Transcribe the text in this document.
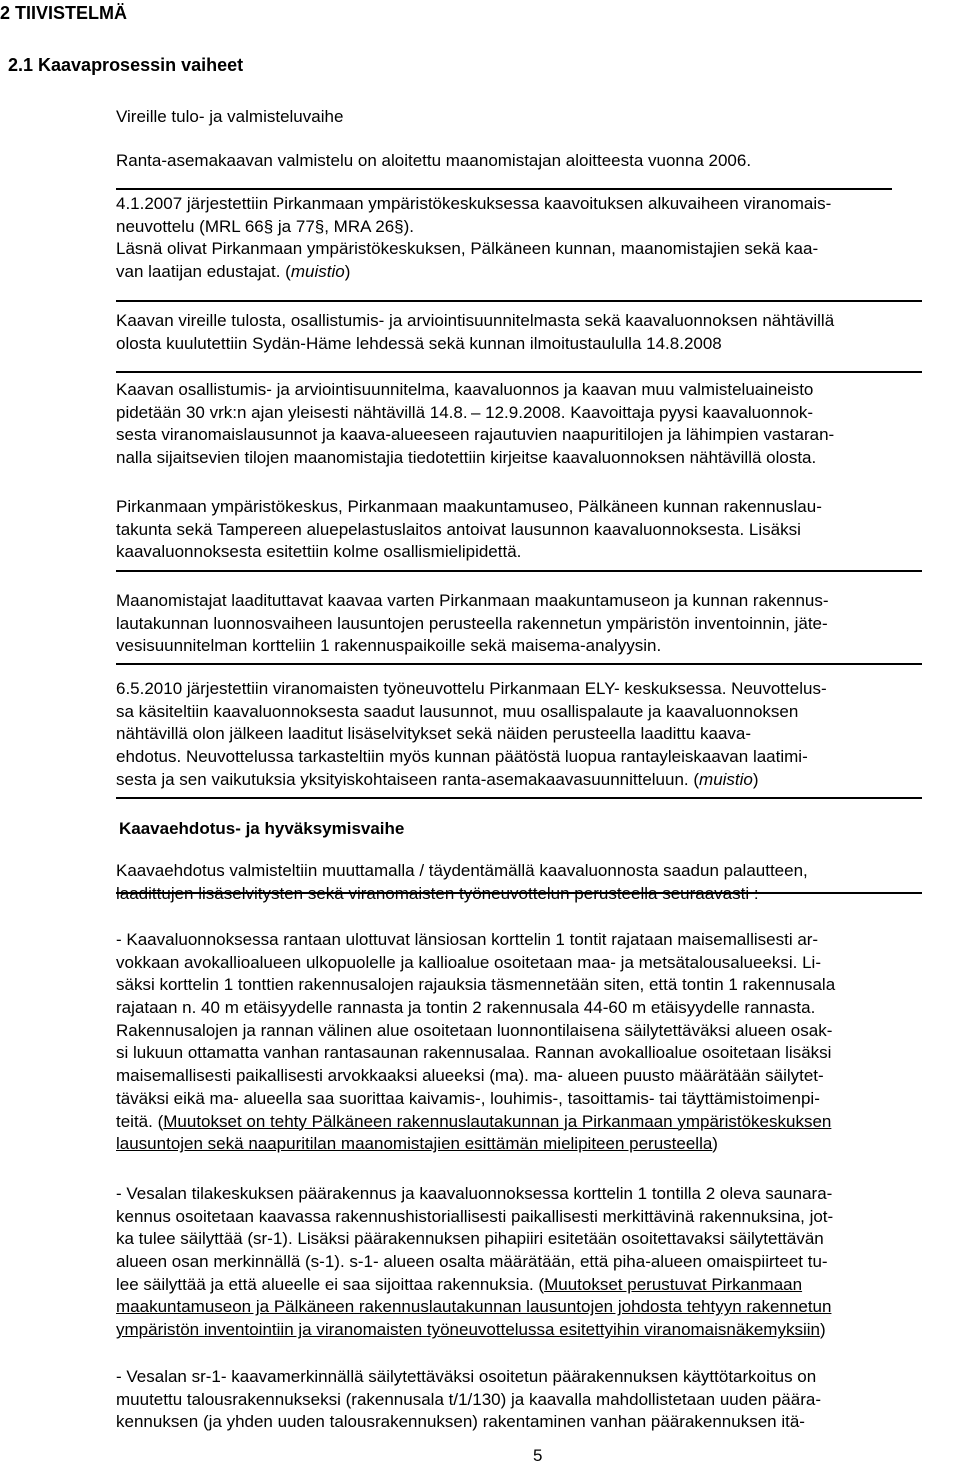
2 TIIVISTELMÄ
2.1 Kaavaprosessin vaiheet
Vireille tulo- ja valmisteluvaihe
Ranta-asemakaavan valmistelu on aloitettu maanomistajan aloitteesta vuonna 2006.
4.1.2007 järjestettiin Pirkanmaan ympäristökeskuksessa kaavoituksen alkuvaiheen viranomais-
neuvottelu (MRL 66§ ja 77§, MRA 26§).
Läsnä olivat Pirkanmaan ympäristökeskuksen, Pälkäneen kunnan, maanomistajien sekä kaa-
van laatijan edustajat. (muistio)
Kaavan vireille tulosta, osallistumis- ja arviointisuunnitelmasta sekä kaavaluonnoksen nähtävillä
olosta kuulutettiin Sydän-Häme lehdessä sekä kunnan ilmoitustaululla 14.8.2008
Kaavan osallistumis- ja arviointisuunnitelma, kaavaluonnos ja kaavan muu valmisteluaineisto
pidetään 30 vrk:n ajan yleisesti nähtävillä 14.8. – 12.9.2008. Kaavoittaja pyysi kaavaluonnok-
sesta viranomaislausunnot ja kaava-alueeseen rajautuvien naapuritilojen ja lähimpien vastaran-
nalla sijaitsevien tilojen maanomistajia tiedotettiin kirjeitse kaavaluonnoksen nähtävillä olosta.
Pirkanmaan ympäristökeskus, Pirkanmaan maakuntamuseo, Pälkäneen kunnan rakennuslau-
takunta sekä Tampereen aluepelastuslaitos antoivat lausunnon kaavaluonnoksesta. Lisäksi
kaavaluonnoksesta esitettiin kolme osallismielipidettä.
Maanomistajat laadituttavat kaavaa varten Pirkanmaan maakuntamuseon ja kunnan rakennus-
lautakunnan luonnosvaiheen lausuntojen perusteella rakennetun ympäristön inventoinnin, jäte-
vesisuunnitelman kortteliin 1 rakennuspaikoille sekä maisema-analyysin.
6.5.2010 järjestettiin viranomaisten työneuvottelu Pirkanmaan ELY- keskuksessa. Neuvottelus-
sa käsiteltiin kaavaluonnoksesta saadut lausunnot, muu osallispalaute ja kaavaluonnoksen
nähtävillä olon jälkeen laaditut lisäselvitykset sekä näiden perusteella laadittu kaava-
ehdotus. Neuvottelussa tarkasteltiin myös kunnan päätöstä luopua rantayleiskaavan laatimi-
sesta ja sen vaikutuksia yksityiskohtaiseen ranta-asemakaavasuunnitteluun. (muistio)
Kaavaehdotus- ja hyväksymisvaihe
Kaavaehdotus valmisteltiin muuttamalla / täydentämällä kaavaluonnosta saadun palautteen,
laadittujen lisäselvitysten sekä viranomaisten työneuvottelun perusteella seuraavasti :
- Kaavaluonnoksessa rantaan ulottuvat länsiosan korttelin 1 tontit rajataan maisemallisesti ar-
vokkaan avokallioalueen ulkopuolelle ja kallioalue osoitetaan maa- ja metsätalousalueeksi. Li-
säksi korttelin 1 tonttien rakennusalojen rajauksia täsmennetään siten, että tontin 1 rakennusala
rajataan n. 40 m etäisyydelle rannasta ja tontin 2 rakennusala 44-60 m etäisyydelle rannasta.
Rakennusalojen ja rannan välinen alue osoitetaan luonnontilaisena säilytettäväksi alueen osak-
si lukuun ottamatta vanhan rantasaunan rakennusalaa. Rannan avokallioalue osoitetaan lisäksi
maisemallisesti paikallisesti arvokkaaksi alueeksi (ma). ma- alueen puusto määrätään säilytet-
täväksi eikä ma- alueella saa suorittaa kaivamis-, louhimis-, tasoittamis- tai täyttämistoimenpi-
teitä. (Muutokset on tehty Pälkäneen rakennuslautakunnan ja Pirkanmaan ympäristökeskuksen
lausuntojen sekä naapuritilan maanomistajien esittämän mielipiteen perusteella)
- Vesalan tilakeskuksen päärakennus ja kaavaluonnoksessa korttelin 1 tontilla 2 oleva saunara-
kennus osoitetaan kaavassa rakennushistoriallisesti paikallisesti merkittävinä rakennuksina, jot-
ka tulee säilyttää (sr-1). Lisäksi päärakennuksen pihapiiri esitetään osoitettavaksi säilytettävän
alueen osan merkinnällä (s-1). s-1- alueen osalta määrätään, että piha-alueen omaispiirteet tu-
lee säilyttää ja että alueelle ei saa sijoittaa rakennuksia. (Muutokset perustuvat Pirkanmaan
maakuntamuseon ja Pälkäneen rakennuslautakunnan lausuntojen johdosta tehtyyn rakennetun
ympäristön inventointiin ja viranomaisten työneuvottelussa esitettyihin viranomaisnäkemyksiin)
- Vesalan sr-1- kaavamerkinnällä säilytettäväksi osoitetun päärakennuksen käyttötarkoitus on
muutettu talousrakennukseksi (rakennusala t/1/130) ja kaavalla mahdollistetaan uuden päära-
kennuksen (ja yhden uuden talousrakennuksen) rakentaminen vanhan päärakennuksen itä-
5
